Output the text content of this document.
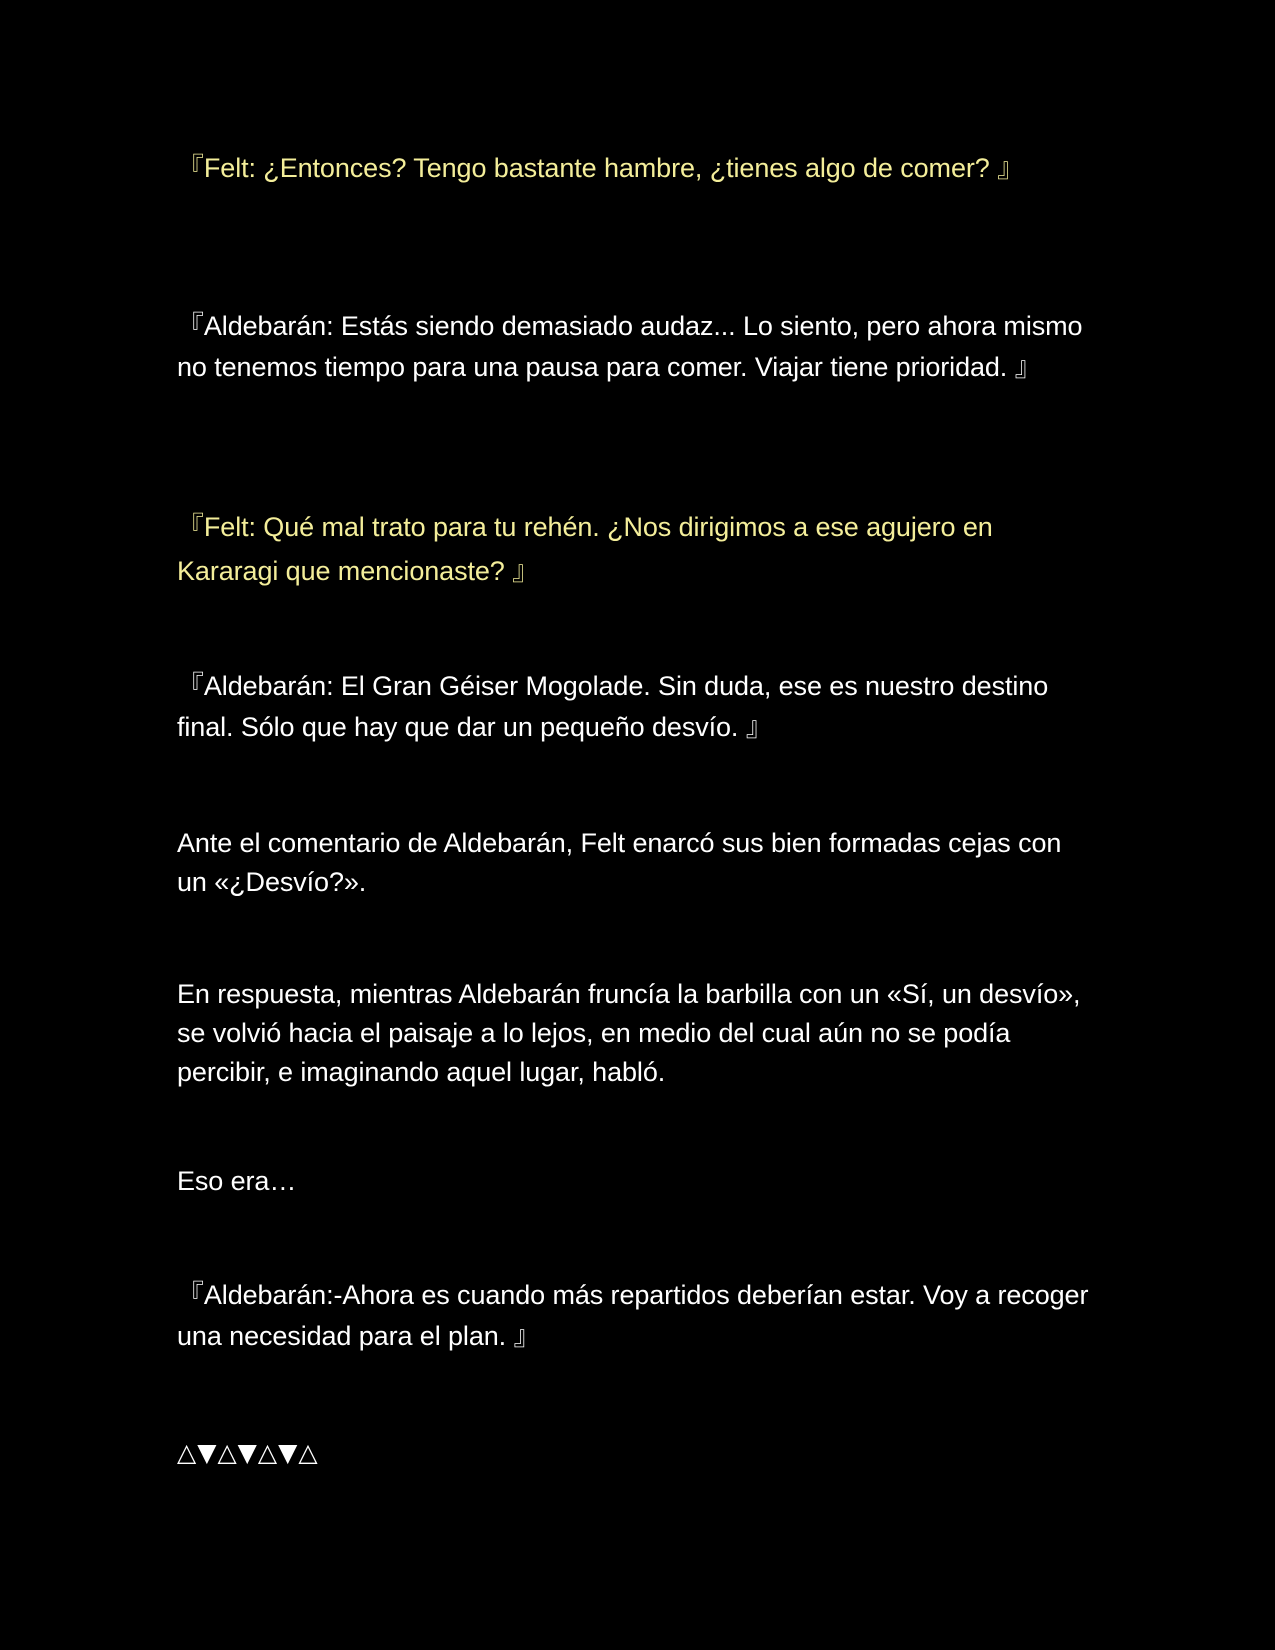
『Felt: ¿Entonces? Tengo bastante hambre, ¿tienes algo de comer? 』

『Aldebarán: Estás siendo demasiado audaz... Lo siento, pero ahora mismo no tenemos tiempo para una pausa para comer. Viajar tiene prioridad. 』

『Felt: Qué mal trato para tu rehén. ¿Nos dirigimos a ese agujero en Kararagi que mencionaste? 』

『Aldebarán: El Gran Géiser Mogolade. Sin duda, ese es nuestro destino final. Sólo que hay que dar un pequeño desvío. 』

Ante el comentario de Aldebarán, Felt enarcó sus bien formadas cejas con un «¿Desvío?».

En respuesta, mientras Aldebarán fruncía la barbilla con un «Sí, un desvío», se volvió hacia el paisaje a lo lejos, en medio del cual aún no se podía percibir, e imaginando aquel lugar, habló.

Eso era…

『Aldebarán:-Ahora es cuando más repartidos deberían estar. Voy a recoger una necesidad para el plan. 』

△▼△▼△▼△
